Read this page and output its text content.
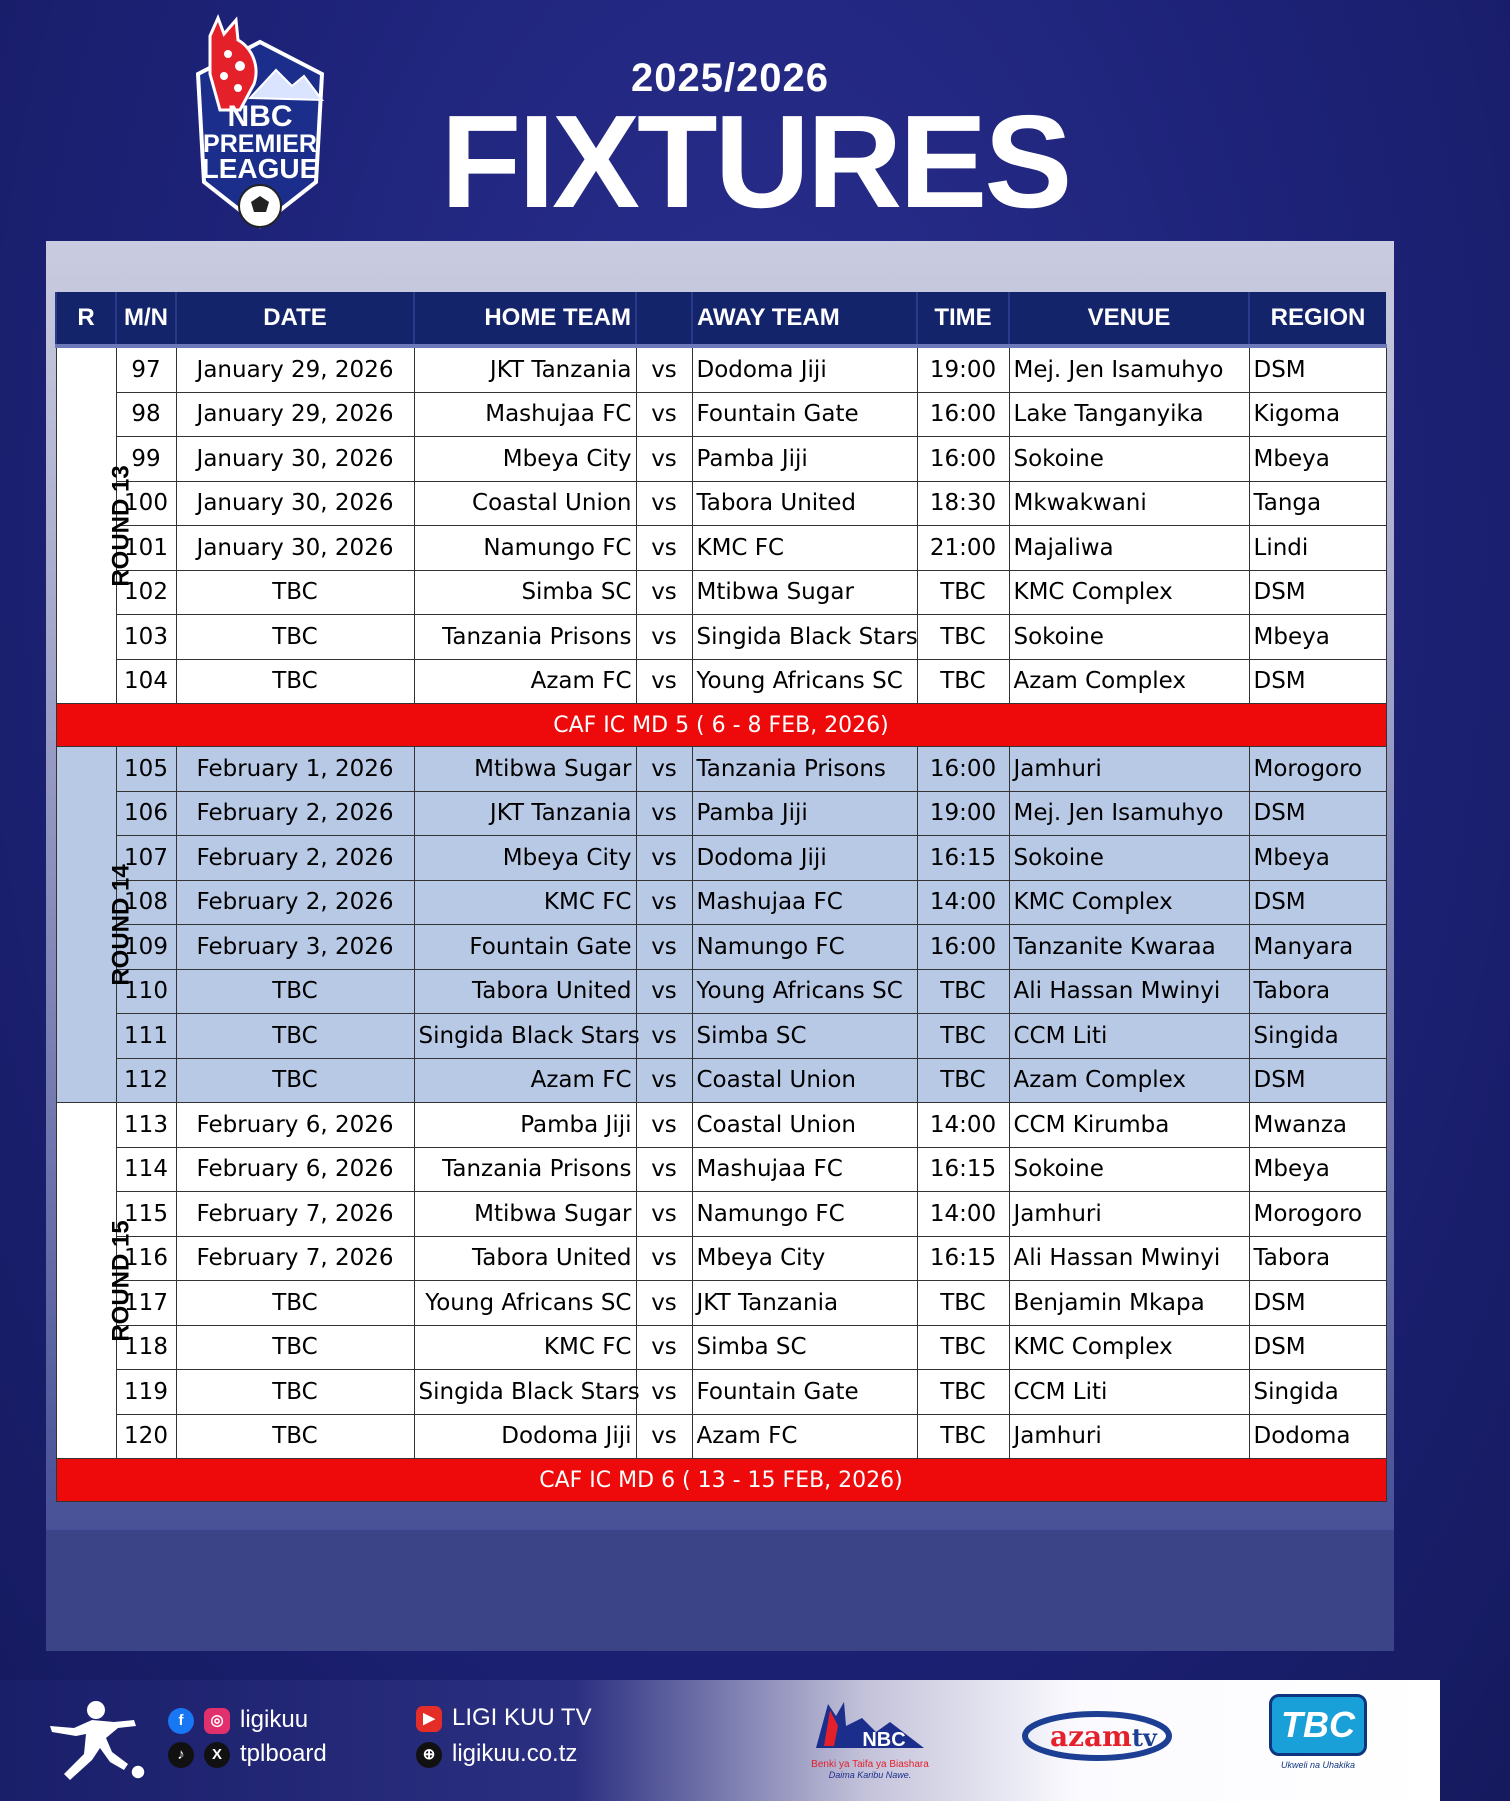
NBC
PREMIER
LEAGUE
2025/2026
FIXTURES
R	M/N	DATE	HOME TEAM		AWAY TEAM	TIME	VENUE	REGION
ROUND 13	97	January 29, 2026	JKT Tanzania	vs	Dodoma Jiji	19:00	Mej. Jen Isamuhyo	DSM
	98	January 29, 2026	Mashujaa FC	vs	Fountain Gate	16:00	Lake Tanganyika	Kigoma
	99	January 30, 2026	Mbeya City	vs	Pamba Jiji	16:00	Sokoine	Mbeya
	100	January 30, 2026	Coastal Union	vs	Tabora United	18:30	Mkwakwani	Tanga
	101	January 30, 2026	Namungo FC	vs	KMC FC	21:00	Majaliwa	Lindi
	102	TBC	Simba SC	vs	Mtibwa Sugar	TBC	KMC Complex	DSM
	103	TBC	Tanzania Prisons	vs	Singida Black Stars	TBC	Sokoine	Mbeya
	104	TBC	Azam FC	vs	Young Africans SC	TBC	Azam Complex	DSM
CAF IC MD 5 ( 6 - 8 FEB, 2026)								
ROUND 14	105	February 1, 2026	Mtibwa Sugar	vs	Tanzania Prisons	16:00	Jamhuri	Morogoro
	106	February 2, 2026	JKT Tanzania	vs	Pamba Jiji	19:00	Mej. Jen Isamuhyo	DSM
	107	February 2, 2026	Mbeya City	vs	Dodoma Jiji	16:15	Sokoine	Mbeya
	108	February 2, 2026	KMC FC	vs	Mashujaa FC	14:00	KMC Complex	DSM
	109	February 3, 2026	Fountain Gate	vs	Namungo FC	16:00	Tanzanite Kwaraa	Manyara
	110	TBC	Tabora United	vs	Young Africans SC	TBC	Ali Hassan Mwinyi	Tabora
	111	TBC	Singida Black Stars	vs	Simba SC	TBC	CCM Liti	Singida
	112	TBC	Azam FC	vs	Coastal Union	TBC	Azam Complex	DSM
ROUND 15	113	February 6, 2026	Pamba Jiji	vs	Coastal Union	14:00	CCM Kirumba	Mwanza
	114	February 6, 2026	Tanzania Prisons	vs	Mashujaa FC	16:15	Sokoine	Mbeya
	115	February 7, 2026	Mtibwa Sugar	vs	Namungo FC	14:00	Jamhuri	Morogoro
	116	February 7, 2026	Tabora United	vs	Mbeya City	16:15	Ali Hassan Mwinyi	Tabora
	117	TBC	Young Africans SC	vs	JKT Tanzania	TBC	Benjamin Mkapa	DSM
	118	TBC	KMC FC	vs	Simba SC	TBC	KMC Complex	DSM
	119	TBC	Singida Black Stars	vs	Fountain Gate	TBC	CCM Liti	Singida
	120	TBC	Dodoma Jiji	vs	Azam FC	TBC	Jamhuri	Dodoma
CAF IC MD 6 ( 13 - 15 FEB, 2026)								
f ◎ ligikuu
♪ X tplboard
▶ LIGI KUU TV
⊕ ligikuu.co.tz	NBC
Benki ya Taifa ya Biashara
Daima Karibu Nawe.
azamtv	TBC
Ukweli na Uhakika
